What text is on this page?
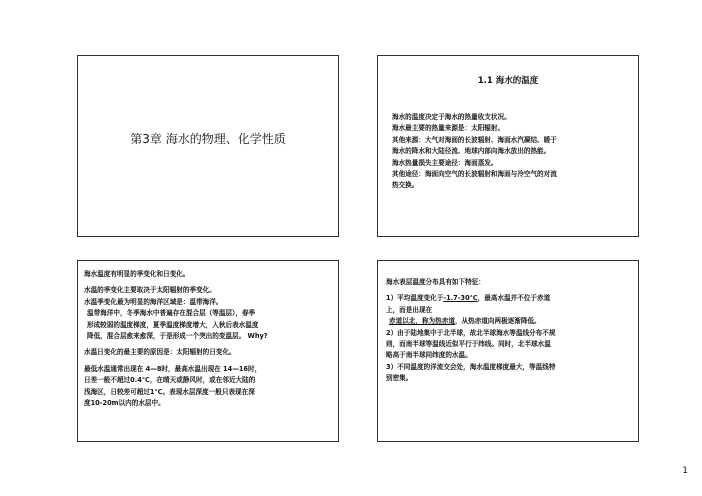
第3章 海水的物理、化学性质
1.1 海水的温度
海水的温度决定于海水的热量收支状况。
海水最主要的热量来源是：太阳辐射。
其他来源：大气对海面的长波辐射、海面水汽凝结、暖于
海水的降水和大陆径流、地球内部向海水放出的热能。
海水热量损失主要途径：海面蒸发。
其他途径：海面向空气的长波辐射和海面与冷空气的对流
热交换。
海水温度有明显的季变化和日变化。
水温的季变化主要取决于太阳辐射的季变化。
水温季变化最为明显的海洋区域是：温带海洋。
温带海洋中，冬季海水中普遍存在混合层（等温层），春季
形成较弱的温度梯度，夏季温度梯度增大，入秋后表水温度
降低，混合层愈来愈深，于是形成一个突出的变温层。 Why?
水温日变化的最主要的原因是：太阳辐射的日变化。
最低水温通常出现在 4—8时，最高水温出现在 14—16时，
日差一般不超过0.4℃，在晴天或静风时，或在邻近大陆的
浅海区，日较差可超过1℃。表现水层深度一般只表现在深
度10-20m以内的水层中。
海水表层温度分布具有如下特征：
1）平均温度变化于-1.7-30℃，最高水温并不位于赤道
上，而是出现在
赤道以北，称为热赤道，从热赤道向两极逐渐降低。
2）由于陆地集中于北半球，故北半球海水等温线分布不规
则，而南半球等温线近似平行于纬线。同时，北半球水温
略高于南半球同纬度的水温。
3）不同温度的洋流交会处，海水温度梯度最大，等温线特
别密集。
1
